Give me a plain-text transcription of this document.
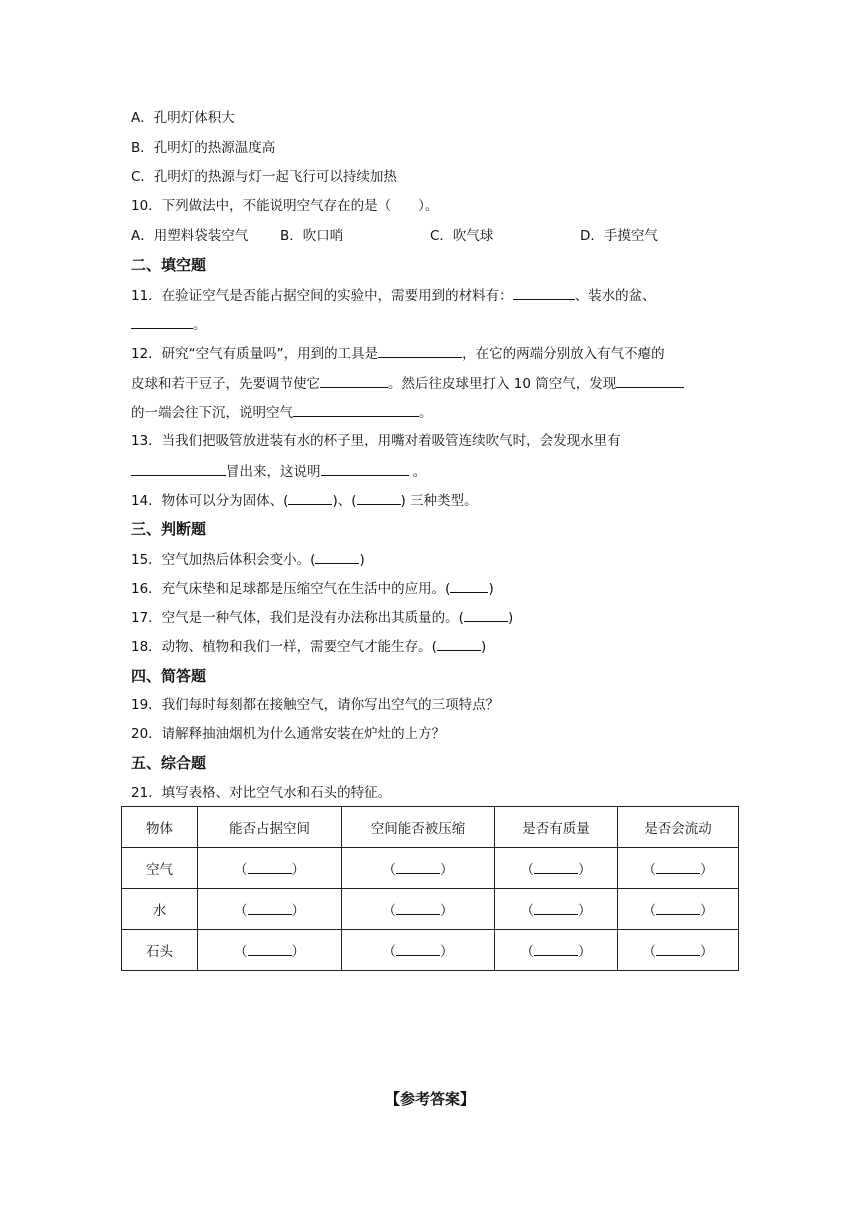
A．孔明灯体积大
B．孔明灯的热源温度高
C．孔明灯的热源与灯一起飞行可以持续加热
10．下列做法中，不能说明空气存在的是（　　）。
A．用塑料袋装空气 B．吹口哨	C．吹气球	D．手摸空气
二、填空题
11．在验证空气是否能占据空间的实验中，需要用到的材料有：	、装水的盆、
。
12．研究“空气有质量吗”，用到的工具是	，在它的两端分别放入有气不瘪的
皮球和若干豆子，先要调节使它	。然后往皮球里打入 10 筒空气，发现
的一端会往下沉，说明空气	。
13．当我们把吸管放进装有水的杯子里，用嘴对着吸管连续吹气时，会发现水里有
冒出来，这说明	。
14．物体可以分为固体、(	)、(	) 三种类型。
三、判断题
15．空气加热后体积会变小。(	)
16．充气床垫和足球都是压缩空气在生活中的应用。(	)
17．空气是一种气体，我们是没有办法称出其质量的。(	)
18．动物、植物和我们一样，需要空气才能生存。(	)
四、简答题
19．我们每时每刻都在接触空气，请你写出空气的三项特点？
20．请解释抽油烟机为什么通常安装在炉灶的上方？
五、综合题
21．填写表格、对比空气水和石头的特征。
物体	能否占据空间	空间能否被压缩	是否有质量	是否会流动
空气	（ ）	（ ）	（ ）	（ ）
水	（ ）	（ ）	（ ）	（ ）
石头	（ ）	（ ）	（ ）	（ ）
【参考答案】
